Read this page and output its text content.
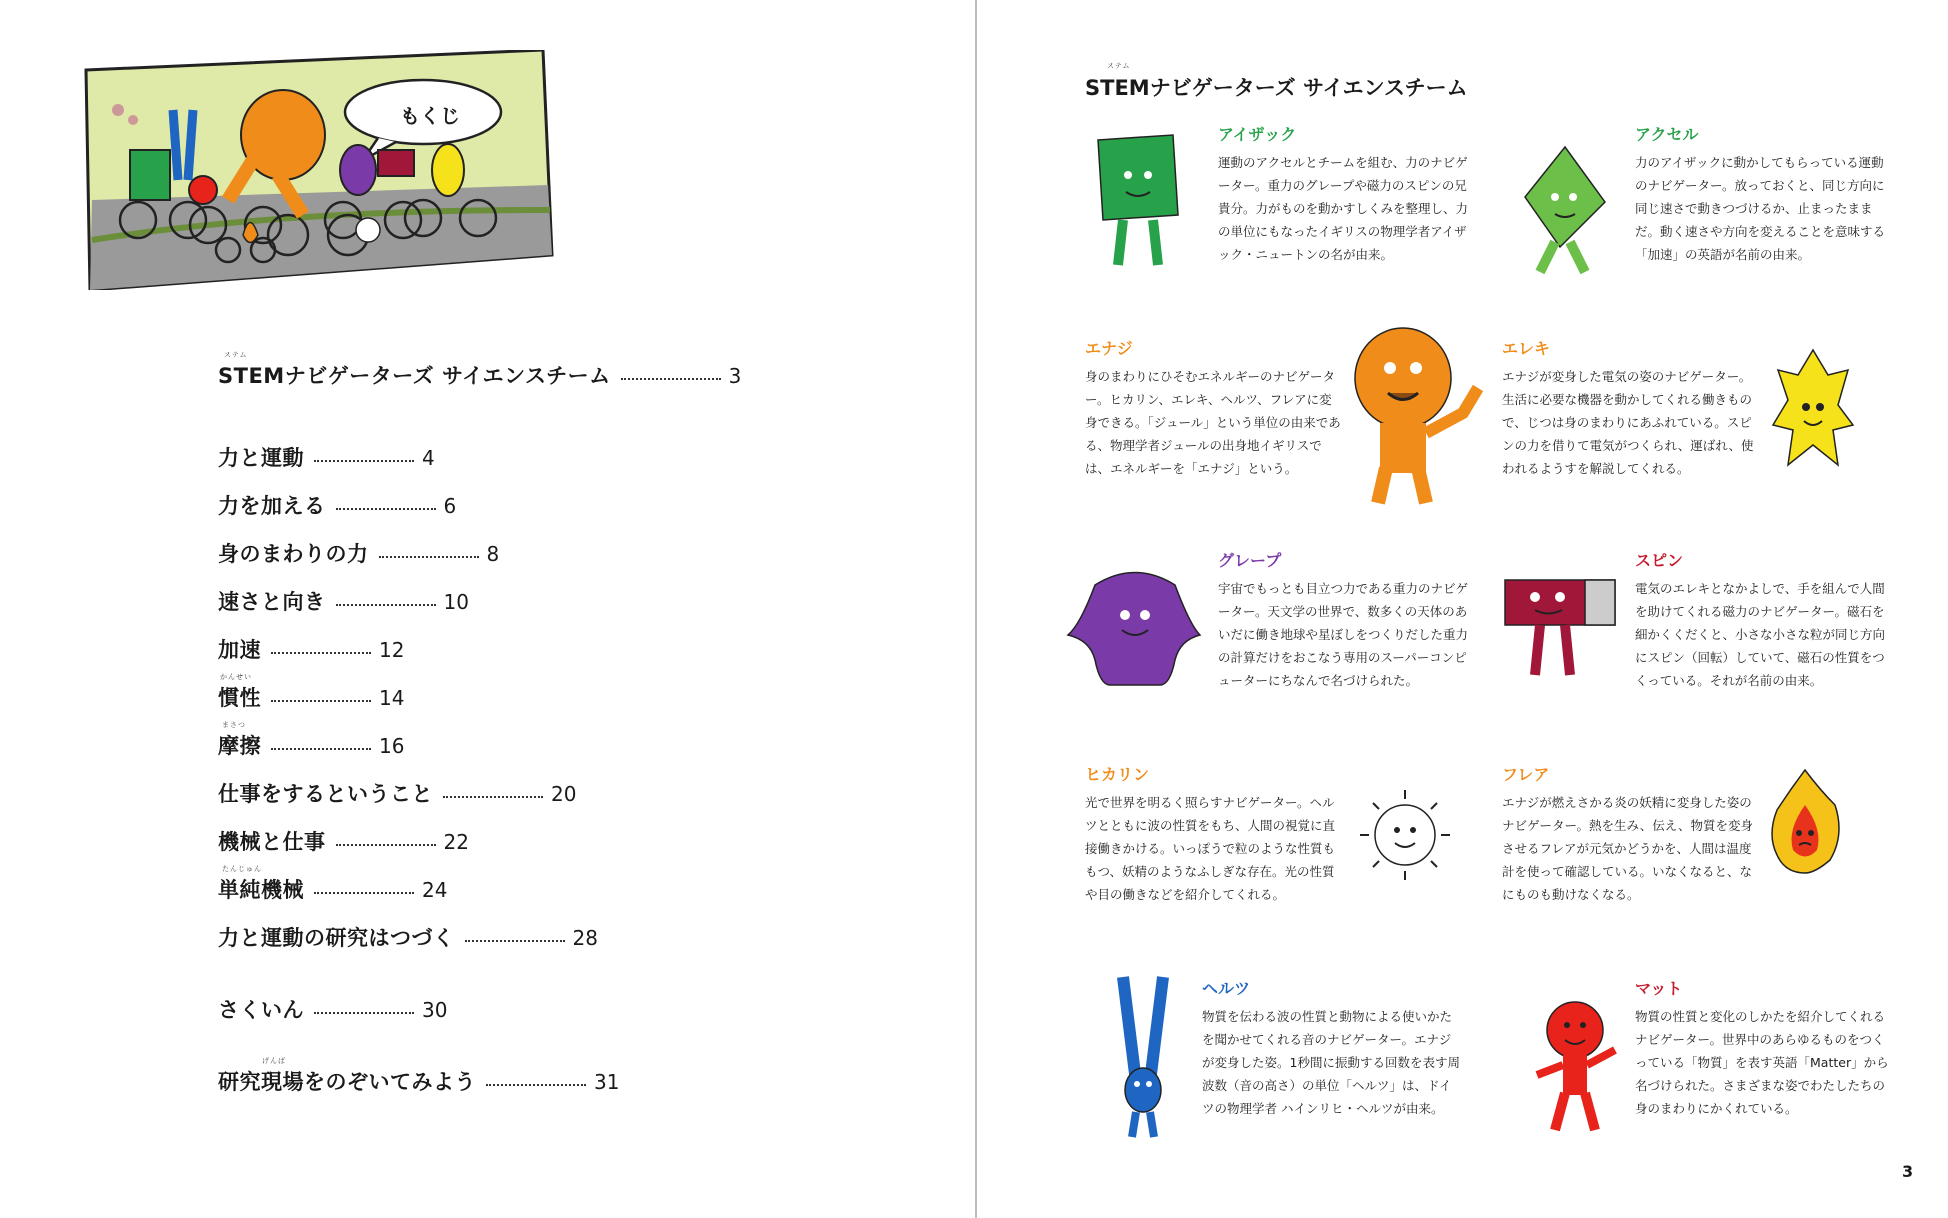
もくじ
ステム
STEMナビゲーターズ サイエンスチーム	3
力と運動	4
力を加える	6
身のまわりの力	8
速さと向き	10
加速	12
かんせい
慣性	14
まさつ
摩擦	16
仕事をするということ	20
機械と仕事	22
たんじゅん
単純機械	24
力と運動の研究はつづく	28
さくいん	30
げんば
研究現場をのぞいてみよう	31
ステム
STEMナビゲーターズ サイエンスチーム
アイザック
運動のアクセルとチームを組む、力のナビゲーター。重力のグレープや磁力のスピンの兄貴分。力がものを動かすしくみを整理し、力の単位にもなったイギリスの物理学者アイザック・ニュートンの名が由来。
アクセル
力のアイザックに動かしてもらっている運動のナビゲーター。放っておくと、同じ方向に同じ速さで動きつづけるか、止まったままだ。動く速さや方向を変えることを意味する「加速」の英語が名前の由来。
エナジ
身のまわりにひそむエネルギーのナビゲーター。ヒカリン、エレキ、ヘルツ、フレアに変身できる。「ジュール」という単位の由来である、物理学者ジュールの出身地イギリスでは、エネルギーを「エナジ」という。
エレキ
エナジが変身した電気の姿のナビゲーター。生活に必要な機器を動かしてくれる働きもので、じつは身のまわりにあふれている。スピンの力を借りて電気がつくられ、運ばれ、使われるようすを解説してくれる。
グレープ
宇宙でもっとも目立つ力である重力のナビゲーター。天文学の世界で、数多くの天体のあいだに働き地球や星ぼしをつくりだした重力の計算だけをおこなう専用のスーパーコンピューターにちなんで名づけられた。
スピン
電気のエレキとなかよしで、手を組んで人間を助けてくれる磁力のナビゲーター。磁石を細かくくだくと、小さな小さな粒が同じ方向にスピン（回転）していて、磁石の性質をつくっている。それが名前の由来。
ヒカリン
光で世界を明るく照らすナビゲーター。ヘルツとともに波の性質をもち、人間の視覚に直接働きかける。いっぽうで粒のような性質ももつ、妖精のようなふしぎな存在。光の性質や目の働きなどを紹介してくれる。
フレア
エナジが燃えさかる炎の妖精に変身した姿のナビゲーター。熱を生み、伝え、物質を変身させるフレアが元気かどうかを、人間は温度計を使って確認している。いなくなると、なにものも動けなくなる。
ヘルツ
物質を伝わる波の性質と動物による使いかたを聞かせてくれる音のナビゲーター。エナジが変身した姿。1秒間に振動する回数を表す周波数（音の高さ）の単位「ヘルツ」は、ドイツの物理学者 ハインリヒ・ヘルツが由来。
マット
物質の性質と変化のしかたを紹介してくれるナビゲーター。世界中のあらゆるものをつくっている「物質」を表す英語「Matter」から名づけられた。さまざまな姿でわたしたちの身のまわりにかくれている。
3
